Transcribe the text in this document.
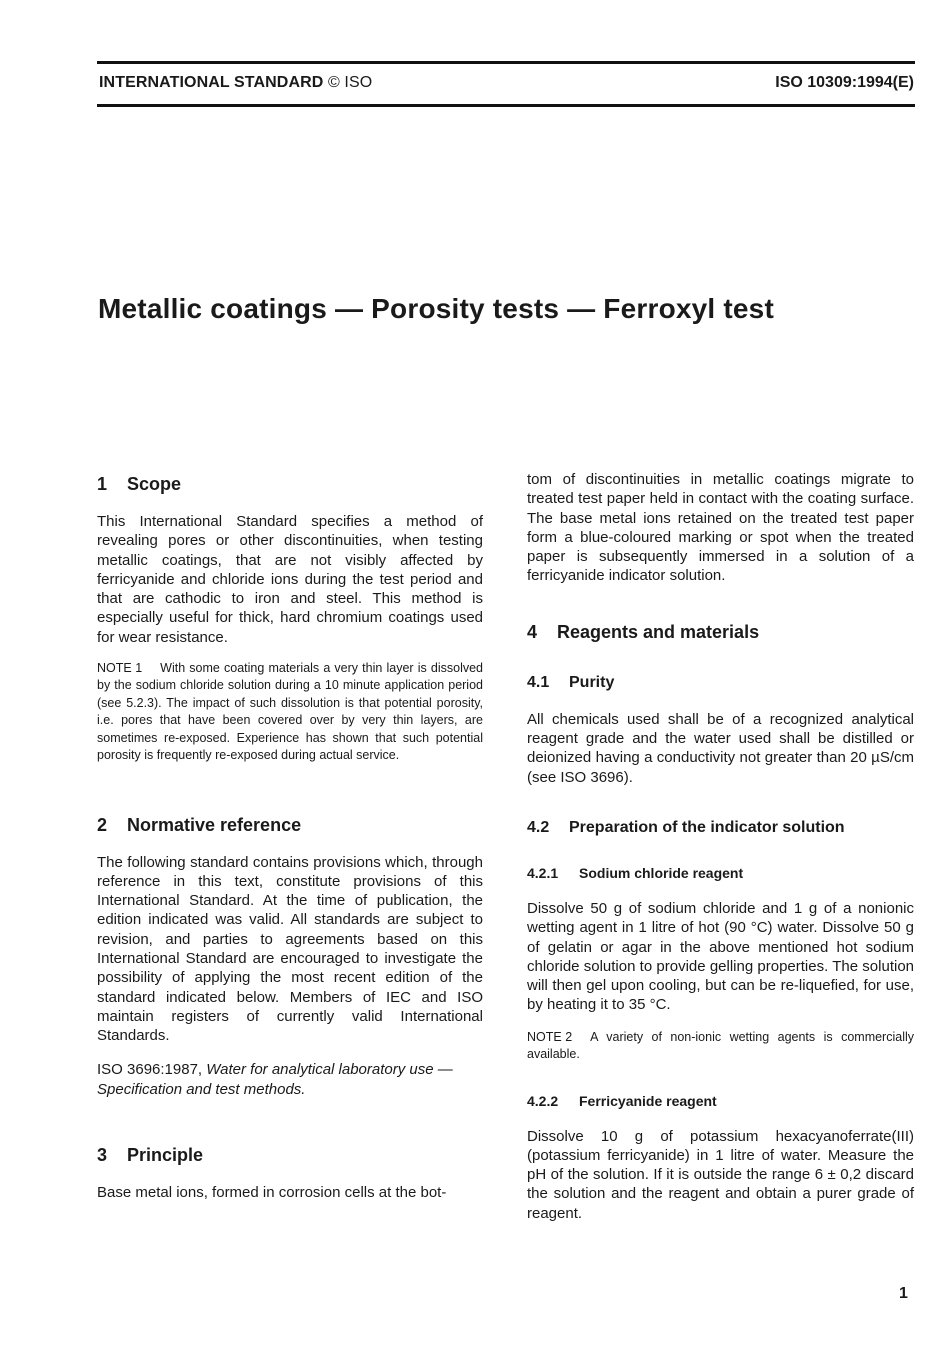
INTERNATIONAL STANDARD © ISO	ISO 10309:1994(E)
Metallic coatings — Porosity tests — Ferroxyl test
1 Scope

This International Standard specifies a method of revealing pores or other discontinuities, when testing metallic coatings, that are not visibly affected by ferricyanide and chloride ions during the test period and that are cathodic to iron and steel. This method is especially useful for thick, hard chromium coatings used for wear resistance.

NOTE 1 With some coating materials a very thin layer is dissolved by the sodium chloride solution during a 10 minute application period (see 5.2.3). The impact of such dissolution is that potential porosity, i.e. pores that have been covered over by very thin layers, are sometimes re-exposed. Experience has shown that such potential porosity is frequently re-exposed during actual service.

2 Normative reference

The following standard contains provisions which, through reference in this text, constitute provisions of this International Standard. At the time of publication, the edition indicated was valid. All standards are subject to revision, and parties to agreements based on this International Standard are encouraged to investigate the possibility of applying the most recent edition of the standard indicated below. Members of IEC and ISO maintain registers of currently valid International Standards.

ISO 3696:1987, Water for analytical laboratory use — Specification and test methods.

3 Principle

Base metal ions, formed in corrosion cells at the bot-

tom of discontinuities in metallic coatings migrate to treated test paper held in contact with the coating surface. The base metal ions retained on the treated test paper form a blue-coloured marking or spot when the treated paper is subsequently immersed in a solution of a ferricyanide indicator solution.

4 Reagents and materials
4.1 Purity

All chemicals used shall be of a recognized analytical reagent grade and the water used shall be distilled or deionized having a conductivity not greater than 20 µS/cm (see ISO 3696).

4.2 Preparation of the indicator solution
4.2.1 Sodium chloride reagent

Dissolve 50 g of sodium chloride and 1 g of a nonionic wetting agent in 1 litre of hot (90 °C) water. Dissolve 50 g of gelatin or agar in the above mentioned hot sodium chloride solution to provide gelling properties. The solution will then gel upon cooling, but can be re-liquefied, for use, by heating it to 35 °C.

NOTE 2 A variety of non-ionic wetting agents is commercially available.

4.2.2 Ferricyanide reagent

Dissolve 10 g of potassium hexacyanoferrate(III) (potassium ferricyanide) in 1 litre of water. Measure the pH of the solution. If it is outside the range 6 ± 0,2 discard the solution and the reagent and obtain a purer grade of reagent.

1
